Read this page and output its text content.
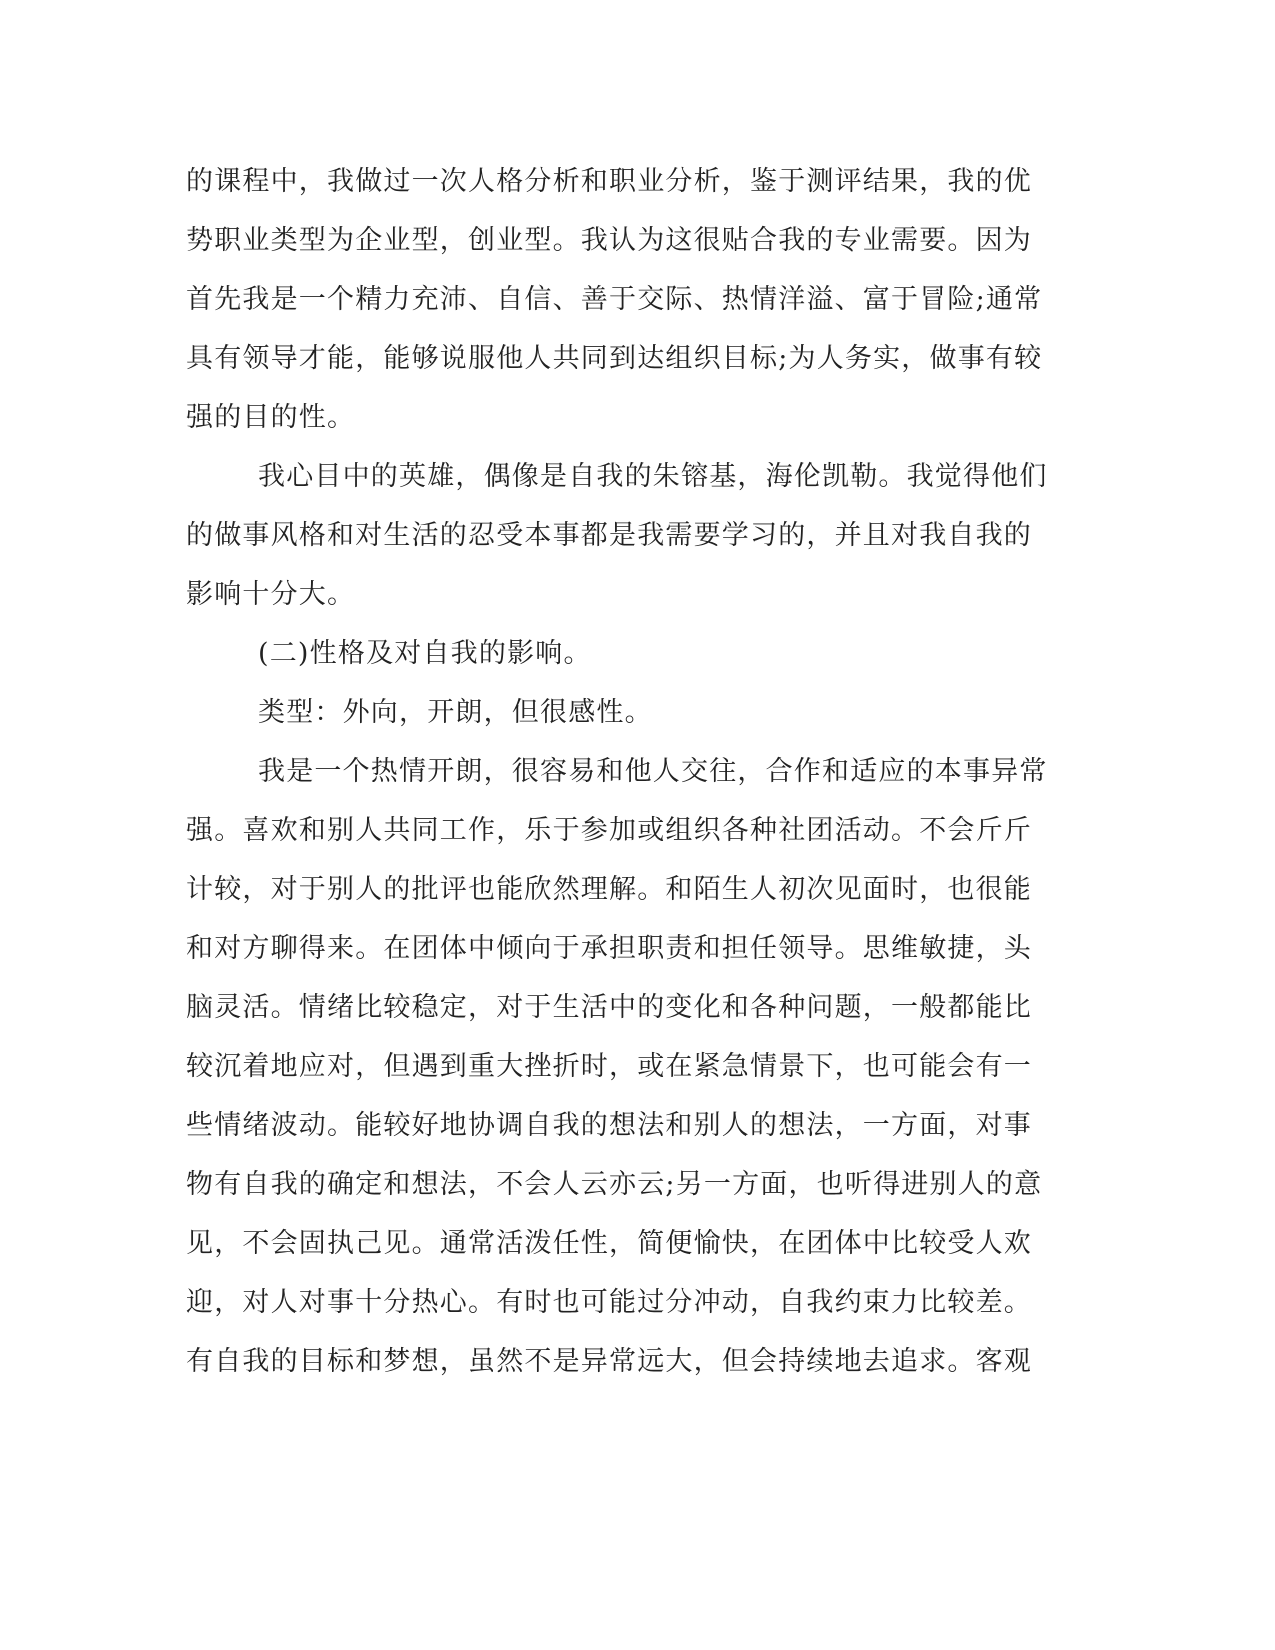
的课程中，我做过一次人格分析和职业分析，鉴于测评结果，我的优
势职业类型为企业型，创业型。我认为这很贴合我的专业需要。因为
首先我是一个精力充沛、自信、善于交际、热情洋溢、富于冒险;通常
具有领导才能，能够说服他人共同到达组织目标;为人务实，做事有较
强的目的性。
我心目中的英雄，偶像是自我的朱镕基，海伦凯勒。我觉得他们
的做事风格和对生活的忍受本事都是我需要学习的，并且对我自我的
影响十分大。
(二)性格及对自我的影响。
类型：外向，开朗，但很感性。
我是一个热情开朗，很容易和他人交往，合作和适应的本事异常
强。喜欢和别人共同工作，乐于参加或组织各种社团活动。不会斤斤
计较，对于别人的批评也能欣然理解。和陌生人初次见面时，也很能
和对方聊得来。在团体中倾向于承担职责和担任领导。思维敏捷，头
脑灵活。情绪比较稳定，对于生活中的变化和各种问题，一般都能比
较沉着地应对，但遇到重大挫折时，或在紧急情景下，也可能会有一
些情绪波动。能较好地协调自我的想法和别人的想法，一方面，对事
物有自我的确定和想法，不会人云亦云;另一方面，也听得进别人的意
见，不会固执己见。通常活泼任性，简便愉快，在团体中比较受人欢
迎，对人对事十分热心。有时也可能过分冲动，自我约束力比较差。
有自我的目标和梦想，虽然不是异常远大，但会持续地去追求。客观
